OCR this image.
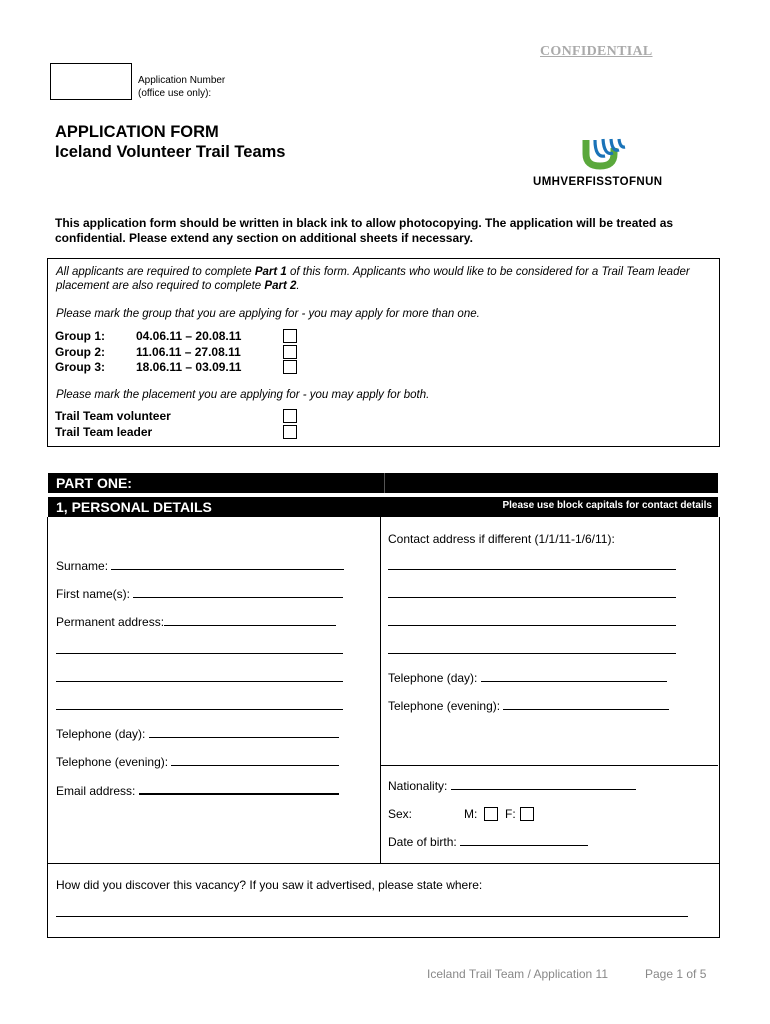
CONFIDENTIAL
Application Number
(office use only):
APPLICATION FORM
Iceland Volunteer Trail Teams
UMHVERFISSTOFNUN
This application form should be written in black ink to allow photocopying. The application will be treated as confidential. Please extend any section on additional sheets if necessary.
All applicants are required to complete Part 1 of this form. Applicants who would like to be considered for a Trail Team leader placement are also required to complete Part 2.
Please mark the group that you are applying for - you may apply for more than one.
Group 1:	04.06.11 – 20.08.11
Group 2:	11.06.11 – 27.08.11
Group 3:	18.06.11 – 03.09.11
Please mark the placement you are applying for - you may apply for both.
Trail Team volunteer
Trail Team leader
PART ONE:
1, PERSONAL DETAILS	Please use block capitals for contact details
Surname:
First name(s):
Permanent address:
Telephone (day):
Telephone (evening):
Email address:
Contact address if different (1/1/11-1/6/11):
Telephone (day):
Telephone (evening):
Nationality:
Sex:	M: F:
Date of birth:
How did you discover this vacancy? If you saw it advertised, please state where:
Iceland Trail Team / Application 11	Page 1 of 5
